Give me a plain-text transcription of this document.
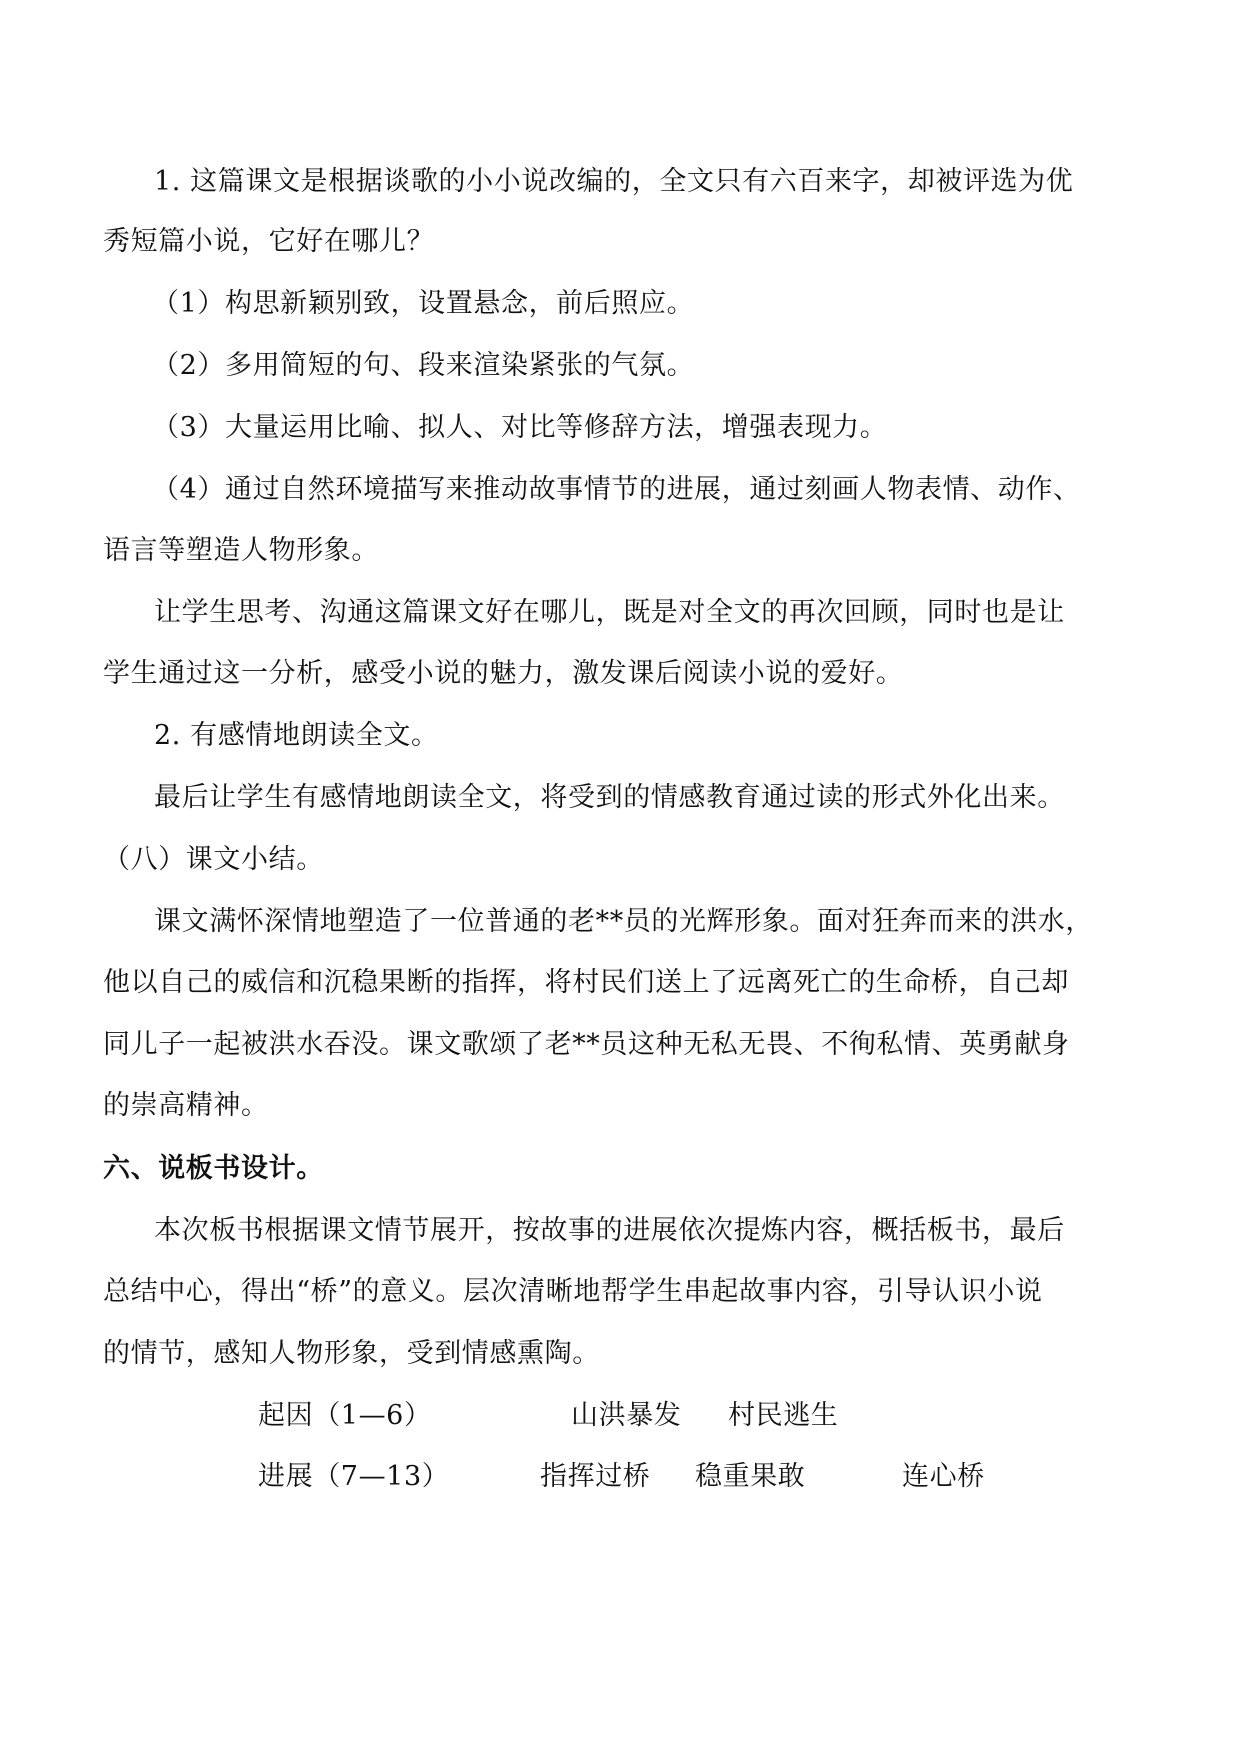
1. 这篇课文是根据谈歌的小小说改编的，全文只有六百来字，却被评选为优
秀短篇小说，它好在哪儿？
（1）构思新颖别致，设置悬念，前后照应。
（2）多用简短的句、段来渲染紧张的气氛。
（3）大量运用比喻、拟人、对比等修辞方法，增强表现力。
（4）通过自然环境描写来推动故事情节的进展，通过刻画人物表情、动作、
语言等塑造人物形象。
让学生思考、沟通这篇课文好在哪儿，既是对全文的再次回顾，同时也是让
学生通过这一分析，感受小说的魅力，激发课后阅读小说的爱好。
2. 有感情地朗读全文。
最后让学生有感情地朗读全文，将受到的情感教育通过读的形式外化出来。
（八）课文小结。
课文满怀深情地塑造了一位普通的老**员的光辉形象。面对狂奔而来的洪水，
他以自己的威信和沉稳果断的指挥，将村民们送上了远离死亡的生命桥，自己却
同儿子一起被洪水吞没。课文歌颂了老**员这种无私无畏、不徇私情、英勇献身
的崇高精神。
六、说板书设计。
本次板书根据课文情节展开，按故事的进展依次提炼内容，概括板书，最后
总结中心，得出“桥”的意义。层次清晰地帮学生串起故事内容，引导认识小说
的情节，感知人物形象，受到情感熏陶。
起因（1—6）	山洪暴发 村民逃生
进展（7—13）	指挥过桥 稳重果敢	连心桥
